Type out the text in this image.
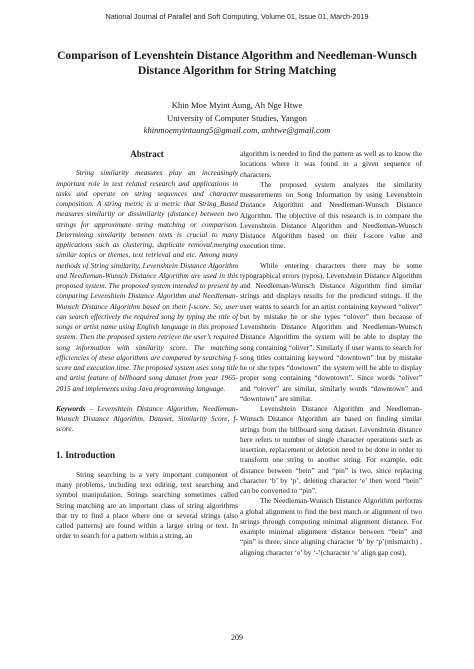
National Journal of Parallel and Soft Computing, Volume 01, Issue 01, March-2019
Comparison of Levenshtein Distance Algorithm and Needleman-Wunsch
Distance Algorithm for String Matching
Khin Moe Myint Aung, Ah Nge Htwe
University of Computer Studies, Yangon
khinmoemyintaung5@gmail.com, anhtwe@gmail.com
Abstract

String similarity measures play an increasingly important role in text related research and applications in tasks and operate on string sequences and character composition. A string metric is a metric that String_Based measures similarity or dissimilarity (distance) between two strings for approximate string matching or comparison. Determining similarity between texts is crucial to many applications such as clustering, duplicate removal,merging similar topics or themes, text retrieval and etc. Among many methods of String similarity, Levenshtein Distance Algorithm and Needleman-Wunsch Distance Algorithm are used in this proposed system. The proposed system intended to present by comparing Levenshtein Distance Algorithm and Needleman-Wunsch Distance Algorithm based on their f-score. So, user can search effectively the required song by typing the title of songs or artist name using English language in this proposed system. Then the proposed system retrieve the user’s required song information with similarity score. The matching efficiencies of these algorithms are compared by searching f-score and execution time. The proposed system uses song title and artist feature of billboard song dataset from year 1965-2015 and implements using Java programming language.

Keywords – Levenshtein Distance Algorithm, Needleman-Wunsch Distance Algorithm, Dataset, Similarity Score, f-score.

1. Introduction

String searching is a very important component of many problems, including text editing, text searching and symbol manipulation. Strings searching sometimes called String matching are an important class of string algorithms that try to find a place where one or several strings (also called patterns) are found within a larger string or text. In order to search for a pattern within a string, an

algorithm is needed to find the pattern as well as to know the locations where it was found in a given sequence of characters.

The proposed system analyzes the similarity measurements on Song Information by using Levenshtein Distance Algorithm and Needleman-Wunsch Distance Algorithm. The objective of this research is to compare the Levenshtein Distance Algorithm and Needleman-Wunsch Distance Algorithm based on their f-score value and execution time.

While entering characters there may be some typographical errors (typos), Levenshtein Distance Algorithm and Needleman-Wunsch Distance Algorithm find similar strings and displays results for the predicted strings. If the user wants to search for an artist containing keyword “oliver” but by mistake he or she types “olover” then because of Levenshtein Distance Algorithm and Needleman-Wunsch Distance Algorithm the system will be able to display the song containing “oliver”. Similarly if user wants to search for song titles containing keyword “downtown” but by mistake he or she types “dowtown” the system will be able to display proper song containing “downtown”. Since words “oliver” and “olover” are similar, similarly words “downtown” and “downtown” are similar.

Levenshtein Distance Algorithm and Needleman-Wunsch Distance Algorithm are based on finding similar strings from the billboard song dataset. Levenshtein distance here refers to number of single character operations such as insertion, replacement or deletion need to be done in order to transform one string to another string. For example, edit distance between “bein” and “pin” is two, since replacing character ‘b’ by ‘p’, deleting character ‘e’ then word “bein” can be converted to “pin”.

The Needleman-Wunsch Distance Algorithm performs a global alignment to find the best match or alignment of two strings through computing minimal alignment distance. For example minimal alignment distance between “bein” and “pin” is three, since aligning character ‘b’ by ‘p’(mismatch) , aligning character ‘e’ by ‘-’(character ‘e’ align gap cost),

209
